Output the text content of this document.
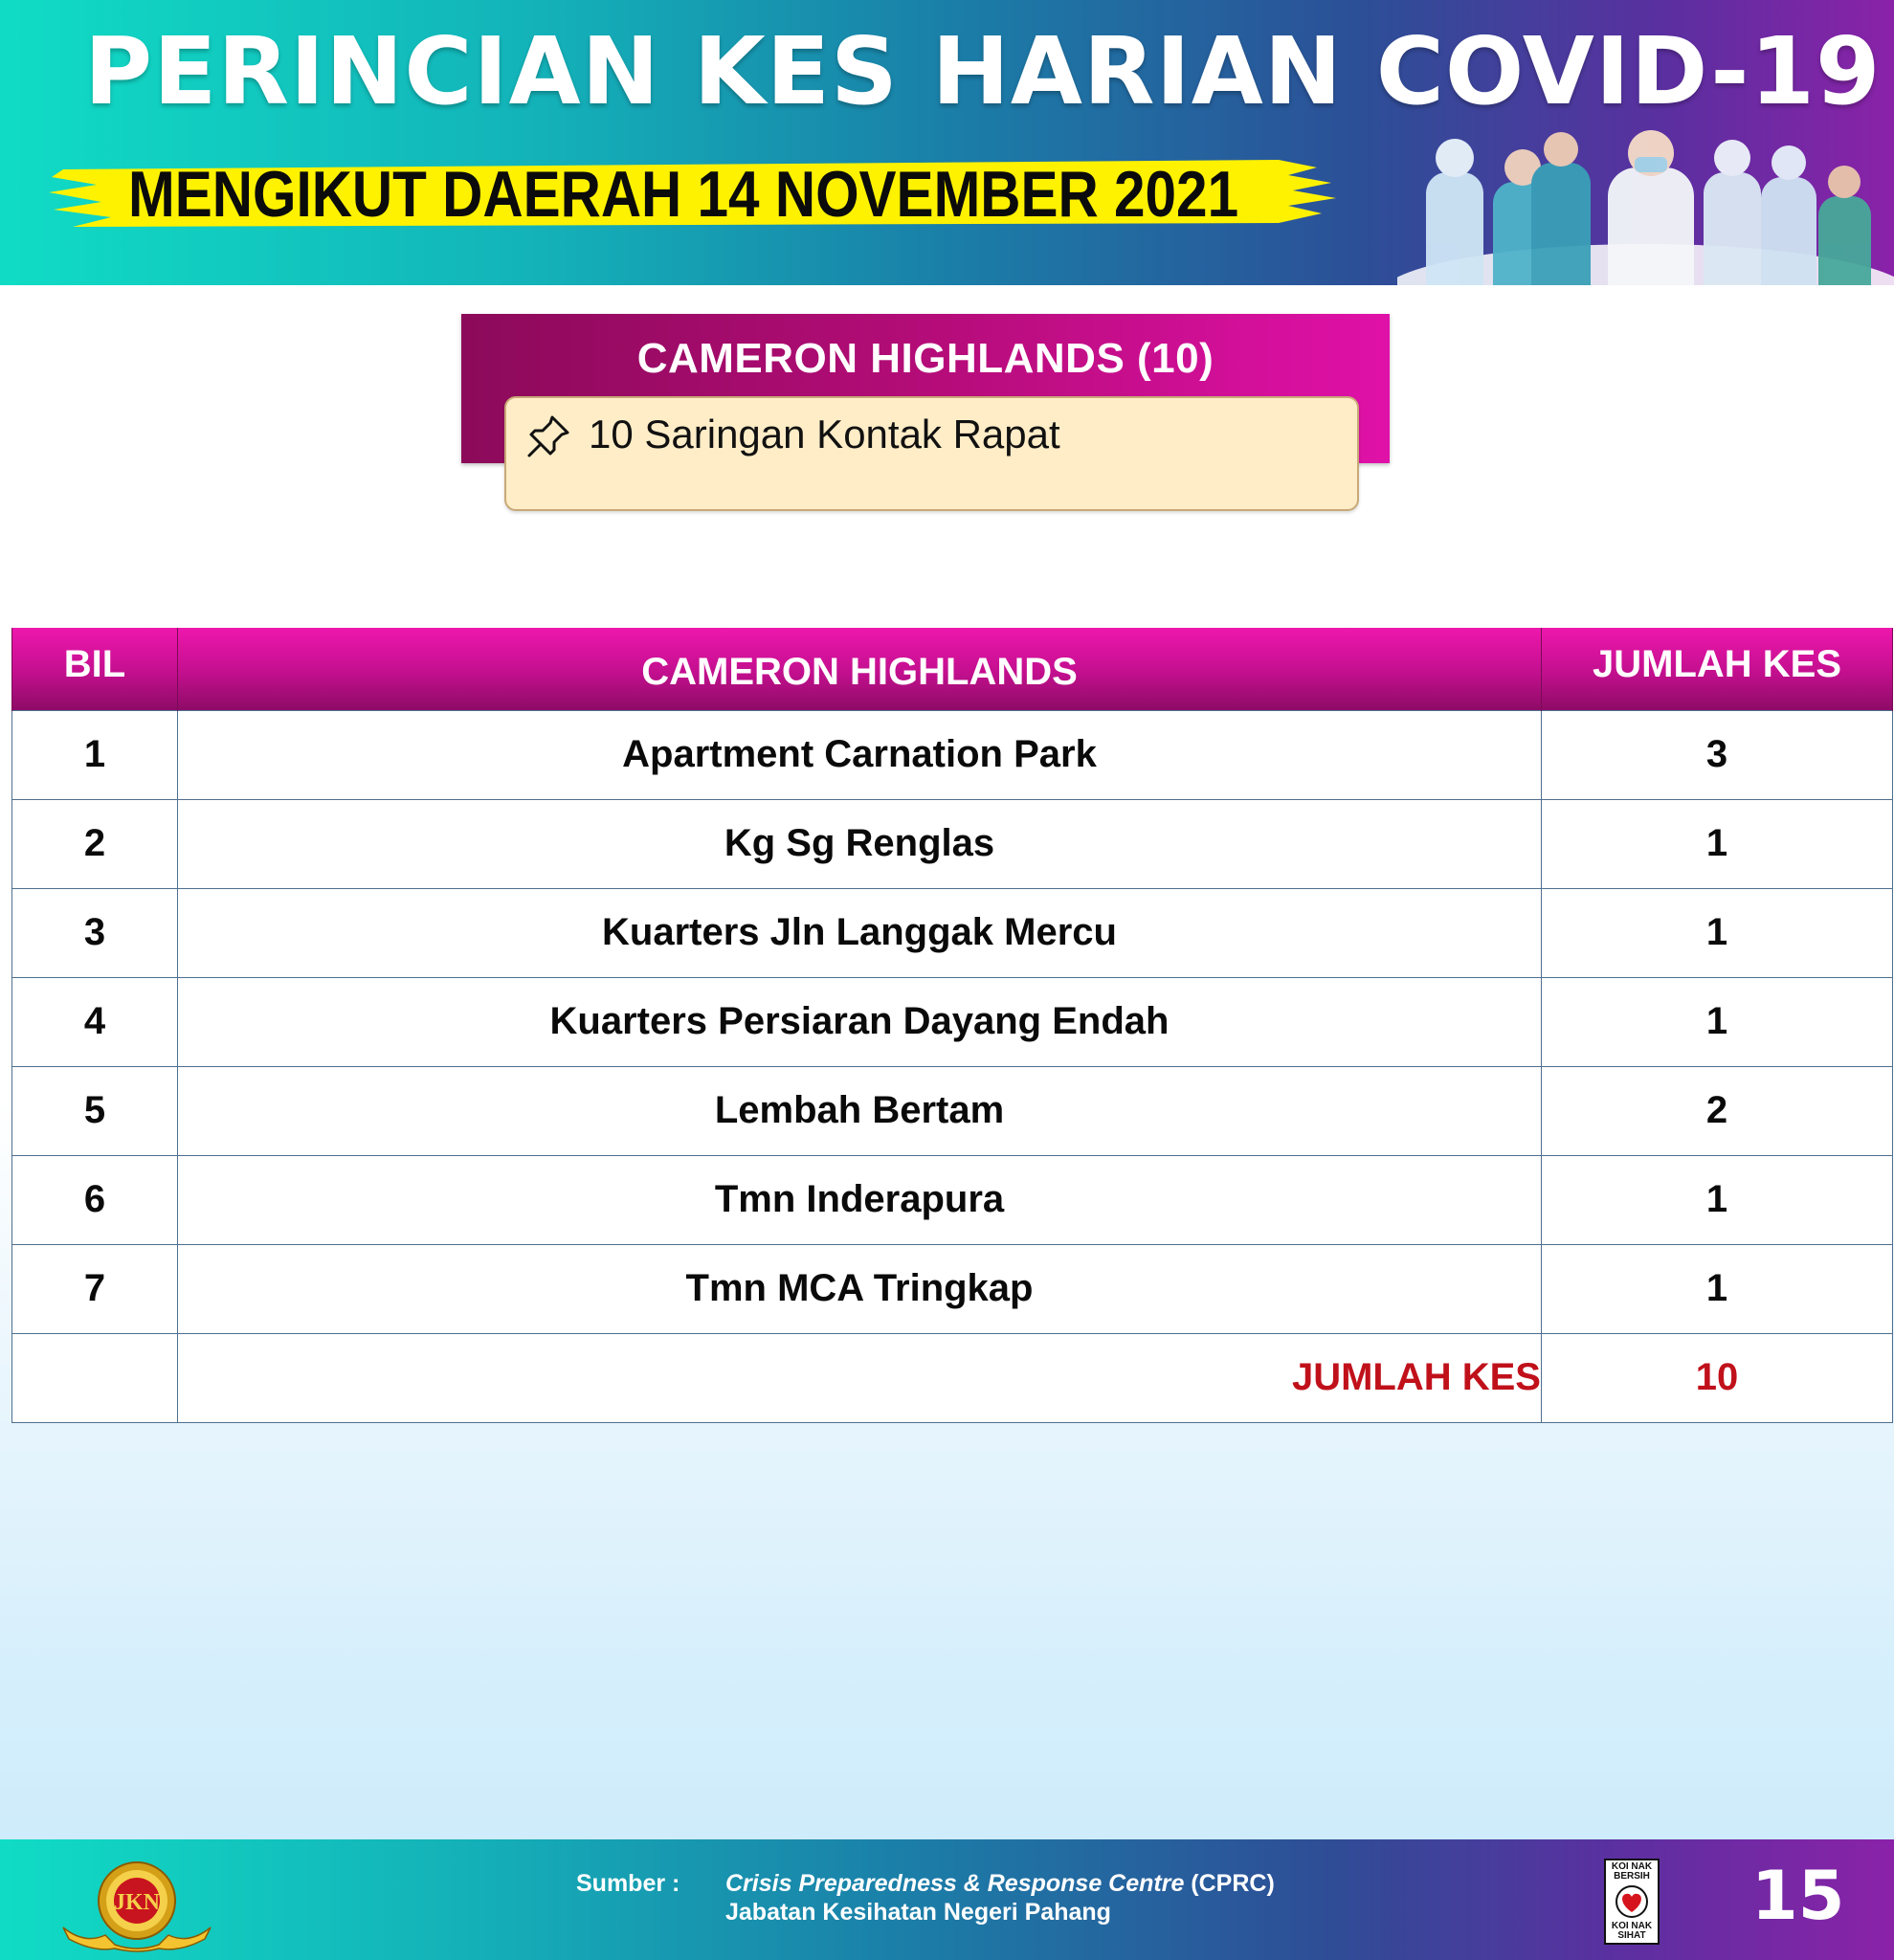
PERINCIAN KES HARIAN COVID-19
MENGIKUT DAERAH 14 NOVEMBER 2021
CAMERON HIGHLANDS (10)
10 Saringan Kontak Rapat
BIL	CAMERON HIGHLANDS	JUMLAH KES
1	Apartment Carnation Park	3
2	Kg Sg Renglas	1
3	Kuarters Jln Langgak Mercu	1
4	Kuarters Persiaran Dayang Endah	1
5	Lembah Bertam	2
6	Tmn Inderapura	1
7	Tmn MCA Tringkap	1
	JUMLAH KES	10
JKN
Sumber : Crisis Preparedness & Response Centre (CPRC)
Jabatan Kesihatan Negeri Pahang
KOI NAK BERSIH
KOI NAK SIHAT
15
